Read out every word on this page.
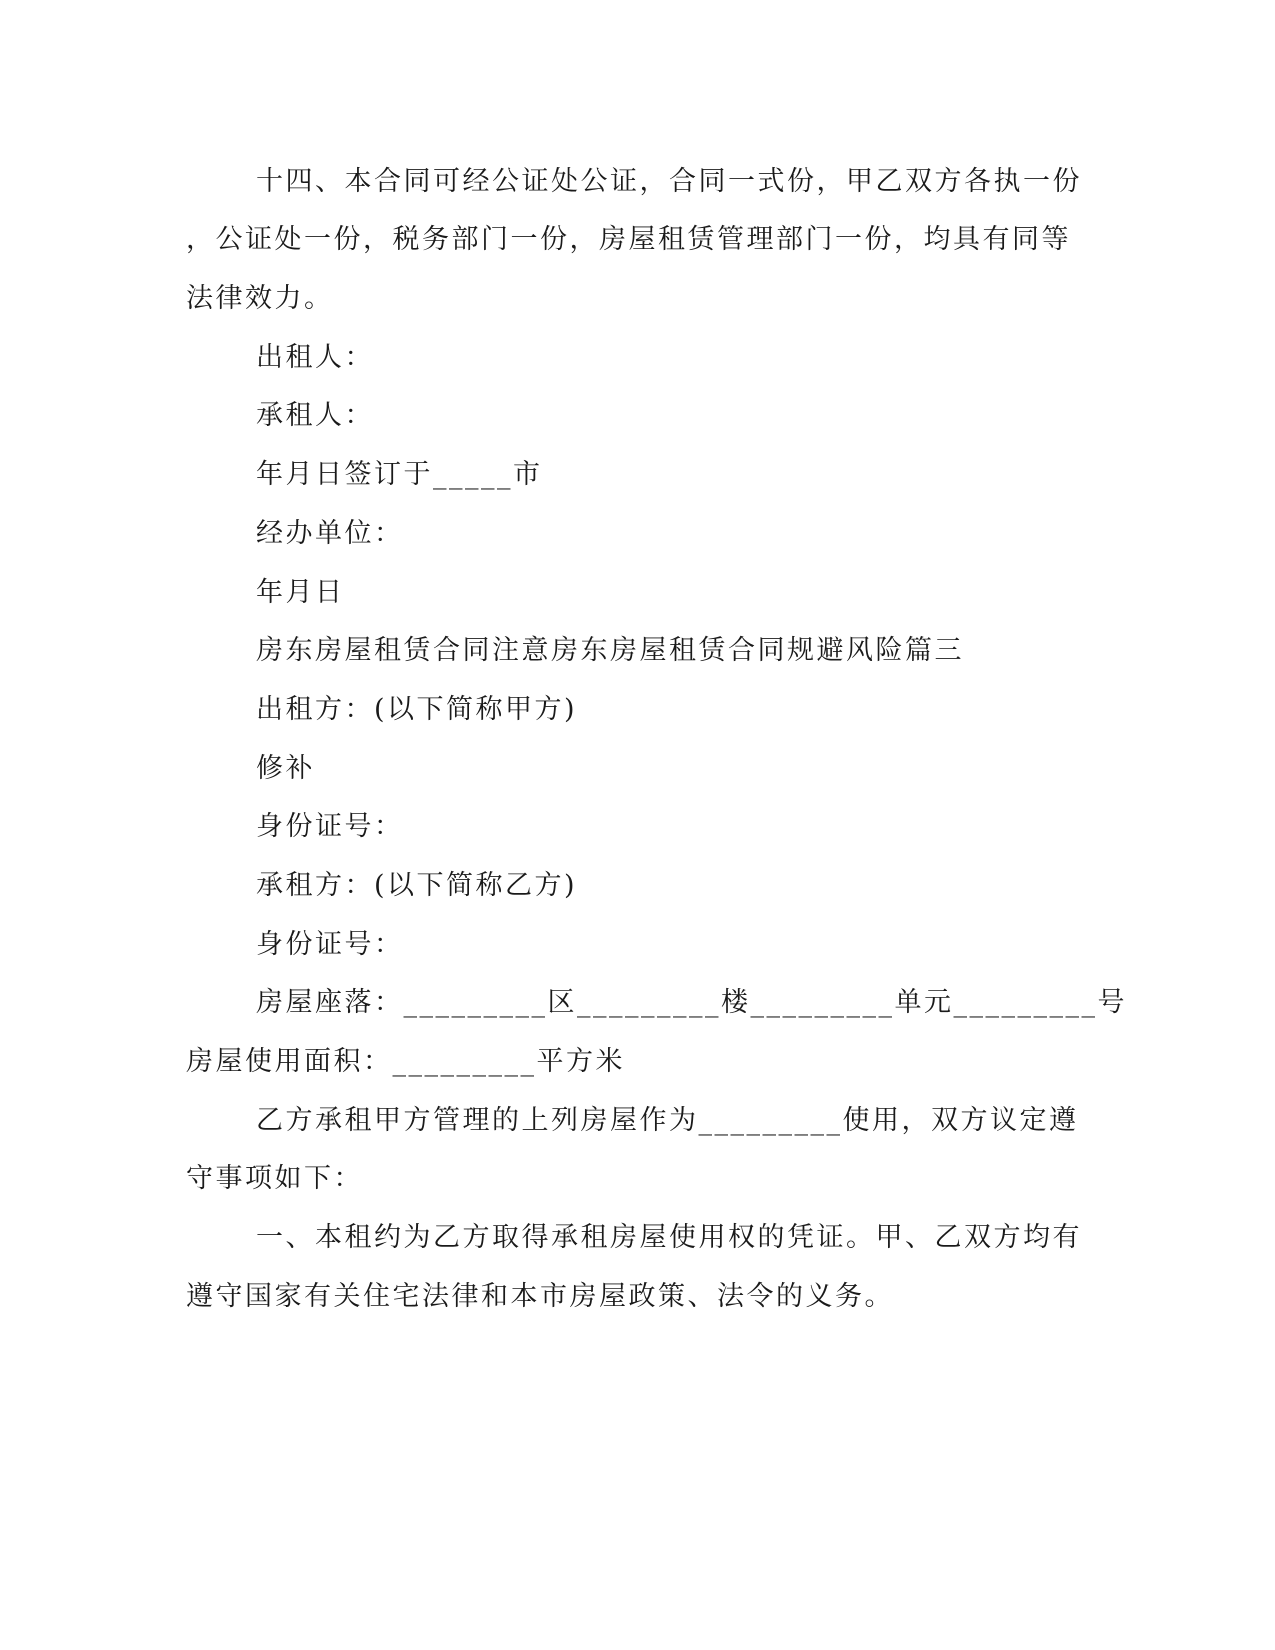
十四、本合同可经公证处公证，合同一式份，甲乙双方各执一份
，公证处一份，税务部门一份，房屋租赁管理部门一份，均具有同等
法律效力。
出租人：
承租人：
年月日签订于_____市
经办单位：
年月日
房东房屋租赁合同注意房东房屋租赁合同规避风险篇三
出租方：(以下简称甲方)
修补
身份证号：
承租方：(以下简称乙方)
身份证号：
房屋座落：_________区_________楼_________单元_________号
房屋使用面积：_________平方米
乙方承租甲方管理的上列房屋作为_________使用，双方议定遵
守事项如下：
一、本租约为乙方取得承租房屋使用权的凭证。甲、乙双方均有
遵守国家有关住宅法律和本市房屋政策、法令的义务。
